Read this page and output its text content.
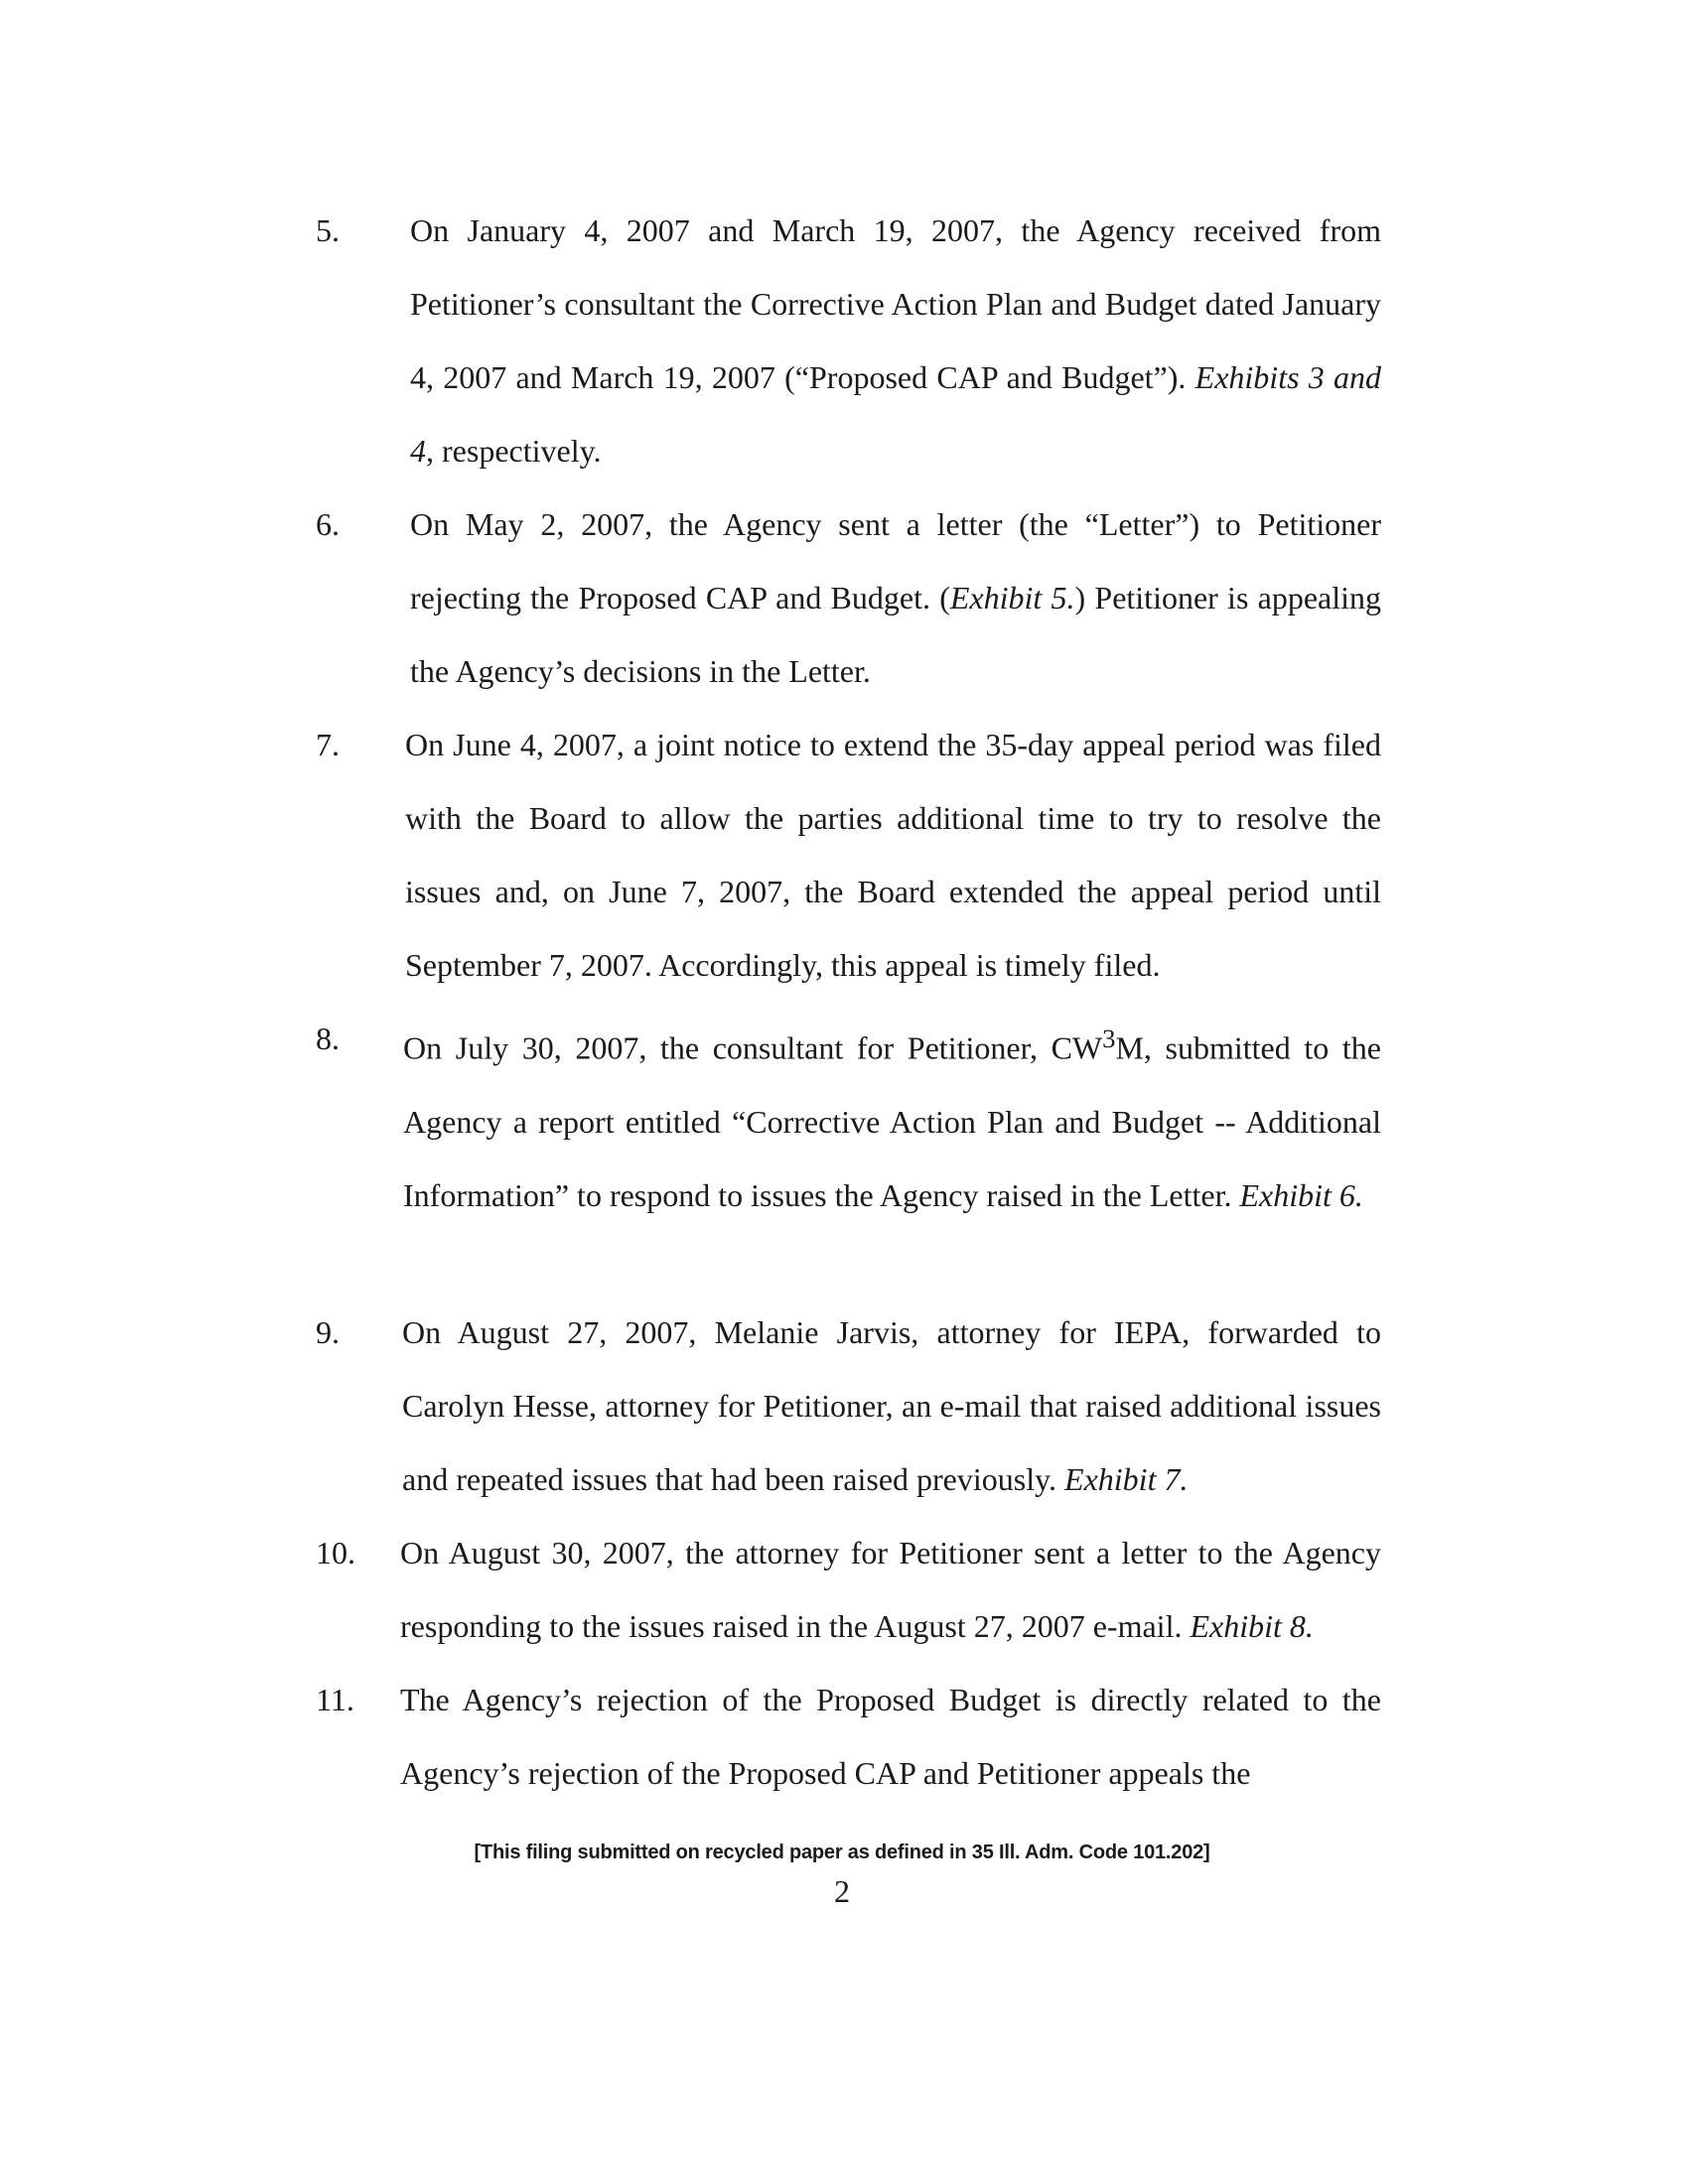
5. On January 4, 2007 and March 19, 2007, the Agency received from Petitioner’s consultant the Corrective Action Plan and Budget dated January 4, 2007 and March 19, 2007 (“Proposed CAP and Budget”). Exhibits 3 and 4, respectively.
6. On May 2, 2007, the Agency sent a letter (the “Letter”) to Petitioner rejecting the Proposed CAP and Budget. (Exhibit 5.) Petitioner is appealing the Agency’s decisions in the Letter.
7. On June 4, 2007, a joint notice to extend the 35-day appeal period was filed with the Board to allow the parties additional time to try to resolve the issues and, on June 7, 2007, the Board extended the appeal period until September 7, 2007. Accordingly, this appeal is timely filed.
8. On July 30, 2007, the consultant for Petitioner, $CW^3M$, submitted to the Agency a report entitled “Corrective Action Plan and Budget -- Additional Information” to respond to issues the Agency raised in the Letter. Exhibit 6.
9. On August 27, 2007, Melanie Jarvis, attorney for IEPA, forwarded to Carolyn Hesse, attorney for Petitioner, an e-mail that raised additional issues and repeated issues that had been raised previously. Exhibit 7.
10. On August 30, 2007, the attorney for Petitioner sent a letter to the Agency responding to the issues raised in the August 27, 2007 e-mail. Exhibit 8.
11. The Agency’s rejection of the Proposed Budget is directly related to the Agency’s rejection of the Proposed CAP and Petitioner appeals the
[This filing submitted on recycled paper as defined in 35 Ill. Adm. Code 101.202]
2
